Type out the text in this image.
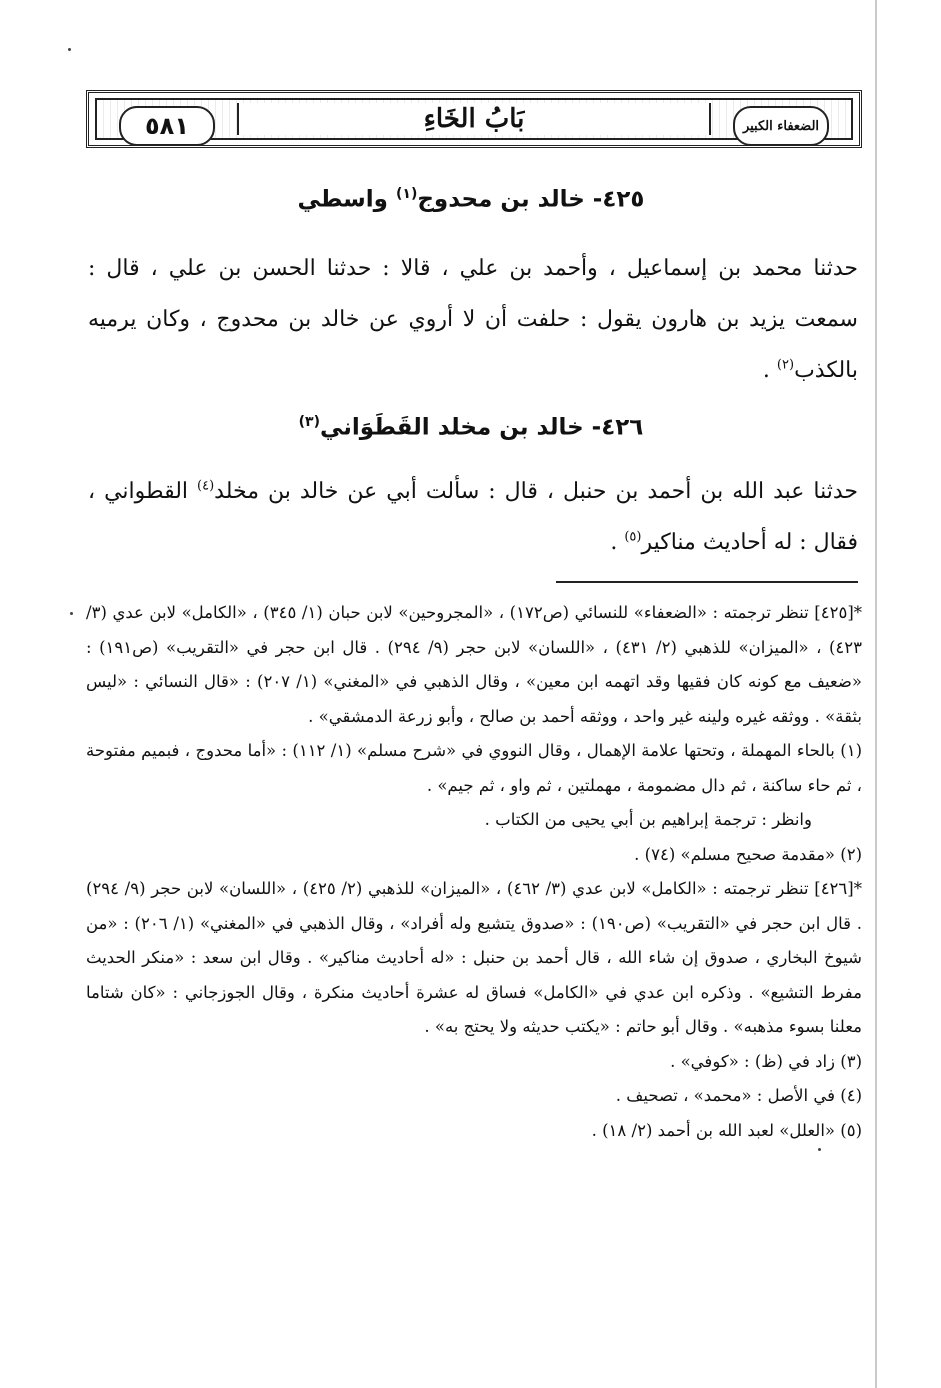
٥٨١	بَابُ الخَاءِ	الضعفاء الكبير
٤٢٥- خالد بن محدوج$^{(١)}$ واسطي
حدثنا محمد بن إسماعيل ، وأحمد بن علي ، قالا : حدثنا الحسن بن علي ، قال : سمعت يزيد بن هارون يقول : حلفت أن لا أروي عن خالد بن محدوج ، وكان يرميه بالكذب$^{(٢)}$ .
٤٢٦- خالد بن مخلد القَطَوَاني$^{(٣)}$
حدثنا عبد الله بن أحمد بن حنبل ، قال : سألت أبي عن خالد بن مخلد$^{(٤)}$ القطواني ، فقال : له أحاديث مناكير$^{(٥)}$ .

*[٤٢٥] تنظر ترجمته : «الضعفاء» للنسائي (ص١٧٢) ، «المجروحين» لابن حبان (١/ ٣٤٥) ، «الكامل» لابن عدي (٣/ ٤٢٣) ، «الميزان» للذهبي (٢/ ٤٣١) ، «اللسان» لابن حجر (٩/ ٢٩٤) . قال ابن حجر في «التقريب» (ص١٩١) : «ضعيف مع كونه كان فقيها وقد اتهمه ابن معين» ، وقال الذهبي في «المغني» (١/ ٢٠٧) : «قال النسائي : «ليس بثقة» . ووثقه غيره ولينه غير واحد ، ووثقه أحمد بن صالح ، وأبو زرعة الدمشقي» .

(١) بالحاء المهملة ، وتحتها علامة الإهمال ، وقال النووي في «شرح مسلم» (١/ ١١٢) : «أما محدوج ، فبميم مفتوحة ، ثم حاء ساكنة ، ثم دال مضمومة ، مهملتين ، ثم واو ، ثم جيم» .

وانظر : ترجمة إبراهيم بن أبي يحيى من الكتاب .

(٢) «مقدمة صحيح مسلم» (٧٤) .

*[٤٢٦] تنظر ترجمته : «الكامل» لابن عدي (٣/ ٤٦٢) ، «الميزان» للذهبي (٢/ ٤٢٥) ، «اللسان» لابن حجر (٩/ ٢٩٤) . قال ابن حجر في «التقريب» (ص١٩٠) : «صدوق يتشيع وله أفراد» ، وقال الذهبي في «المغني» (١/ ٢٠٦) : «من شيوخ البخاري ، صدوق إن شاء الله ، قال أحمد بن حنبل : «له أحاديث مناكير» . وقال ابن سعد : «منكر الحديث مفرط التشيع» . وذكره ابن عدي في «الكامل» فساق له عشرة أحاديث منكرة ، وقال الجوزجاني : «كان شتاما معلنا بسوء مذهبه» . وقال أبو حاتم : «يكتب حديثه ولا يحتج به» .

(٣) زاد في (ظ) : «كوفي» .

(٤) في الأصل : «محمد» ، تصحيف .

(٥) «العلل» لعبد الله بن أحمد (٢/ ١٨) .
